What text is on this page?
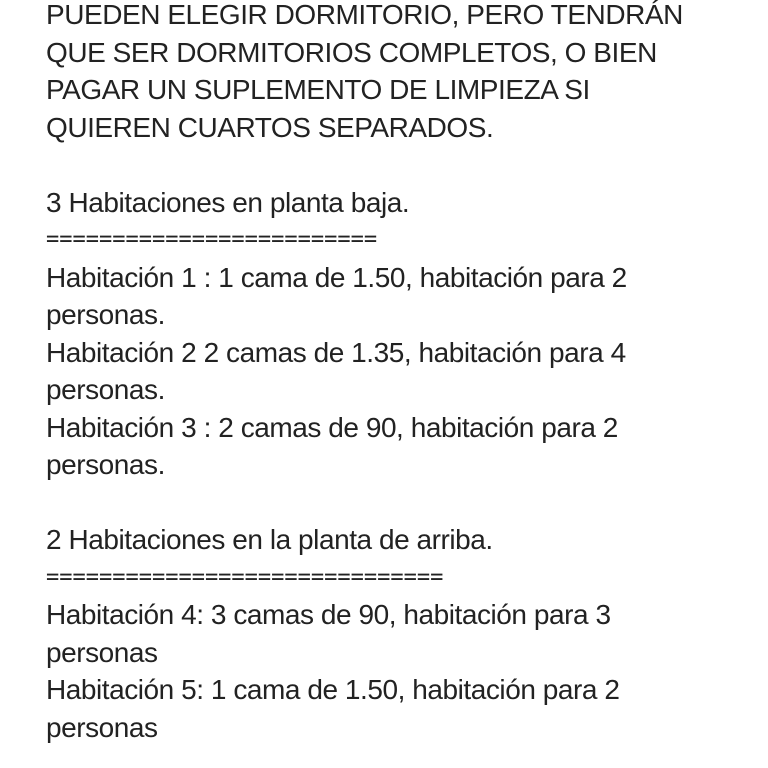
PUEDEN ELEGIR DORMITORIO, PERO TENDRÁN
QUE SER DORMITORIOS COMPLETOS, O BIEN
PAGAR UN SUPLEMENTO DE LIMPIEZA SI
QUIEREN CUARTOS SEPARADOS.
3 Habitaciones en planta baja.
=========================
Habitación 1 : 1 cama de 1.50, habitación para 2
personas.
Habitación 2 2 camas de 1.35, habitación para 4
personas.
Habitación 3 : 2 camas de 90, habitación para 2
personas.
2 Habitaciones en la planta de arriba.
==============================
Habitación 4: 3 camas de 90, habitación para 3
personas
Habitación 5: 1 cama de 1.50, habitación para 2
personas
